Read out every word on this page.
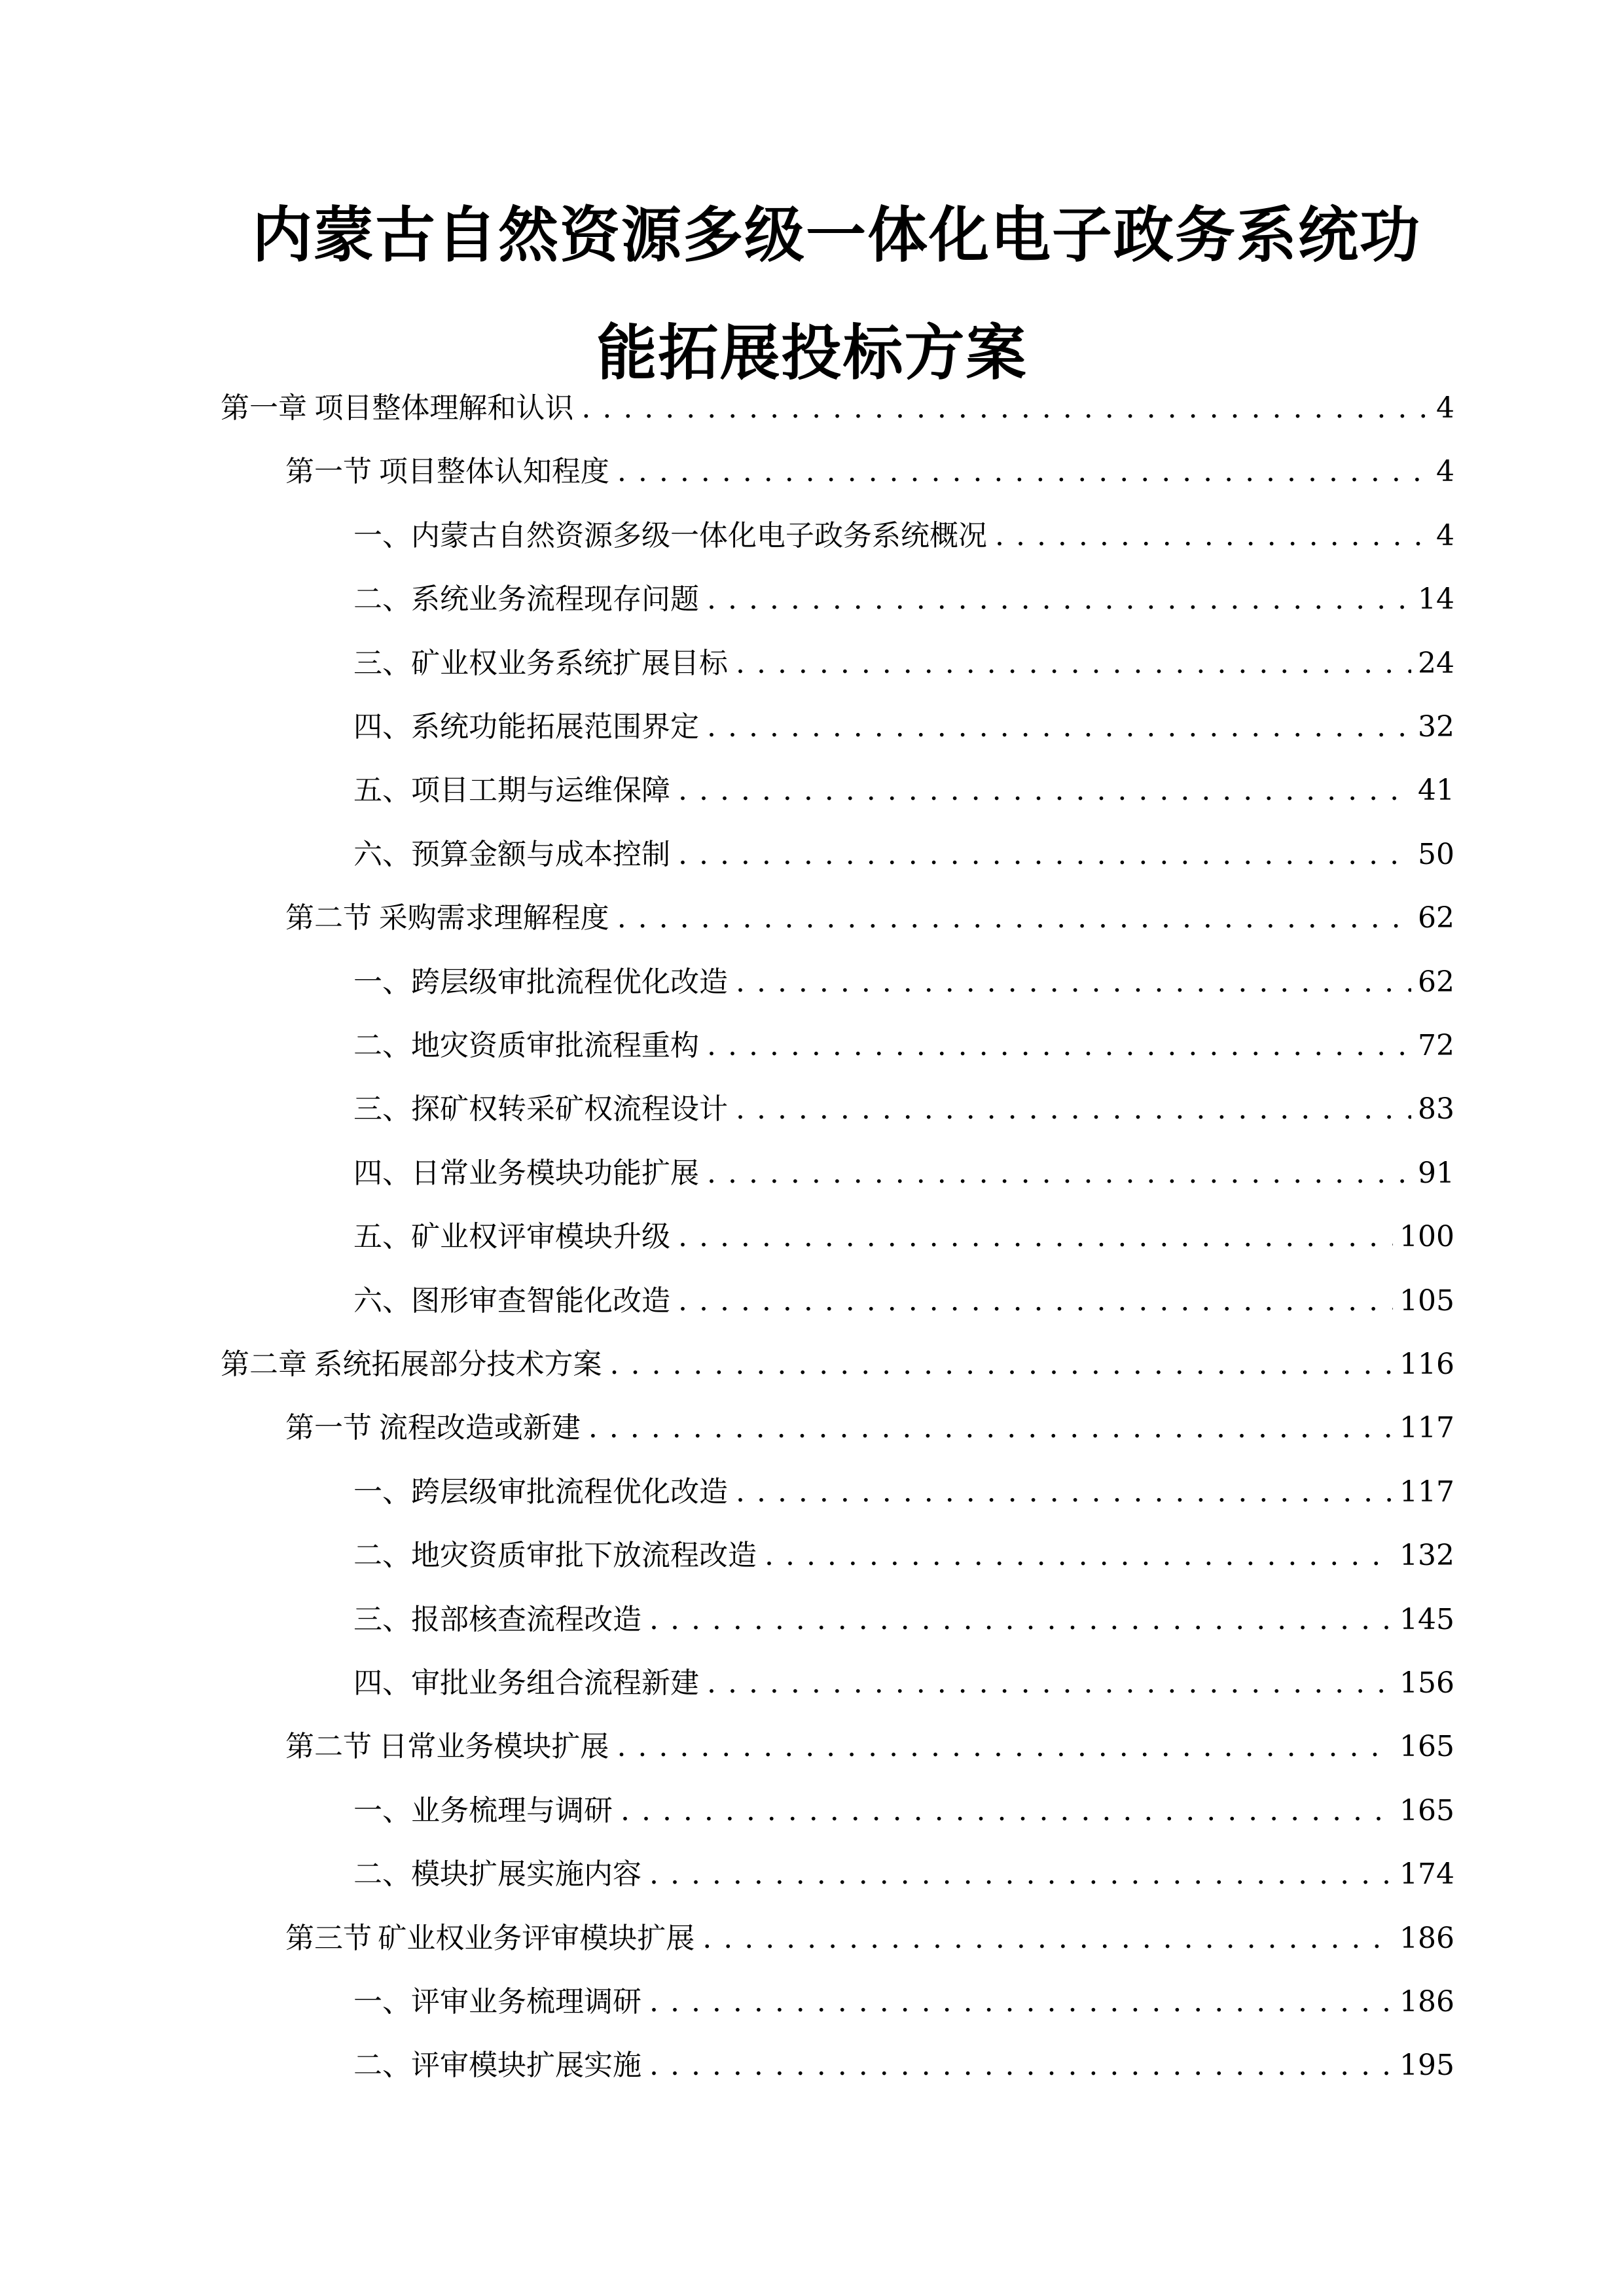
内蒙古自然资源多级一体化电子政务系统功
能拓展投标方案
第一章 项目整体理解和认识 . . .	4
第一节 项目整体认知程度 . . .	4
一、 内蒙古自然资源多级一体化电子政务系统概况 . . .	4
二、 系统业务流程现存问题 . . .	14
三、 矿业权业务系统扩展目标 . . .	24
四、 系统功能拓展范围界定 . . .	32
五、 项目工期与运维保障 . . .	41
六、 预算金额与成本控制 . . .	50
第二节 采购需求理解程度 . . .	62
一、 跨层级审批流程优化改造 . . .	62
二、 地灾资质审批流程重构 . . .	72
三、 探矿权转采矿权流程设计 . . .	83
四、 日常业务模块功能扩展 . . .	91
五、 矿业权评审模块升级 . . .	100
六、 图形审查智能化改造 . . .	105
第二章 系统拓展部分技术方案 . . .	116
第一节 流程改造或新建 . . .	117
一、 跨层级审批流程优化改造 . . .	117
二、 地灾资质审批下放流程改造 . . .	132
三、 报部核查流程改造 . . .	145
四、 审批业务组合流程新建 . . .	156
第二节 日常业务模块扩展 . . .	165
一、 业务梳理与调研 . . .	165
二、 模块扩展实施内容 . . .	174
第三节 矿业权业务评审模块扩展 . . .	186
一、 评审业务梳理调研 . . .	186
二、 评审模块扩展实施 . . .	195
